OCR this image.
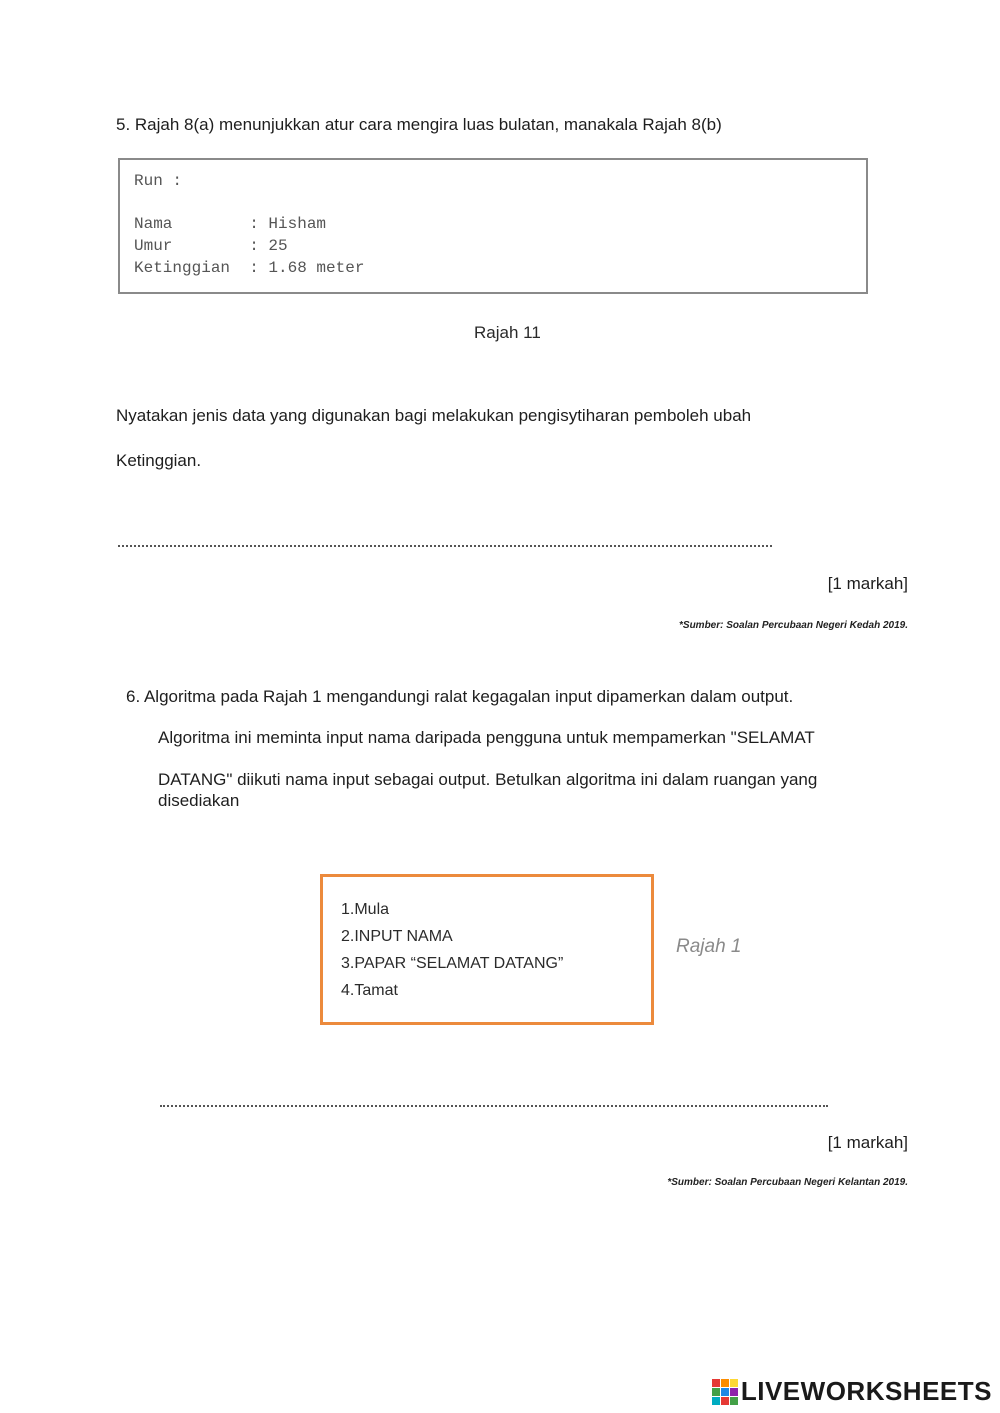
5. Rajah 8(a) menunjukkan atur cara mengira luas bulatan, manakala Rajah 8(b)
Run :
Nama        : Hisham
Umur        : 25
Ketinggian  : 1.68 meter
Rajah 11
Nyatakan jenis data yang digunakan bagi melakukan pengisytiharan pemboleh ubah
Ketinggian.
[1 markah]
*Sumber: Soalan Percubaan Negeri Kedah 2019.
6. Algoritma pada Rajah 1 mengandungi ralat kegagalan input dipamerkan dalam output.
Algoritma ini meminta input nama daripada pengguna untuk mempamerkan "SELAMAT
DATANG" diikuti nama input sebagai output. Betulkan algoritma ini dalam ruangan yang
disediakan
1.Mula
2.INPUT NAMA
3.PAPAR “SELAMAT DATANG”
4.Tamat
Rajah 1
[1 markah]
*Sumber: Soalan Percubaan Negeri Kelantan 2019.
LIVEWORKSHEETS
